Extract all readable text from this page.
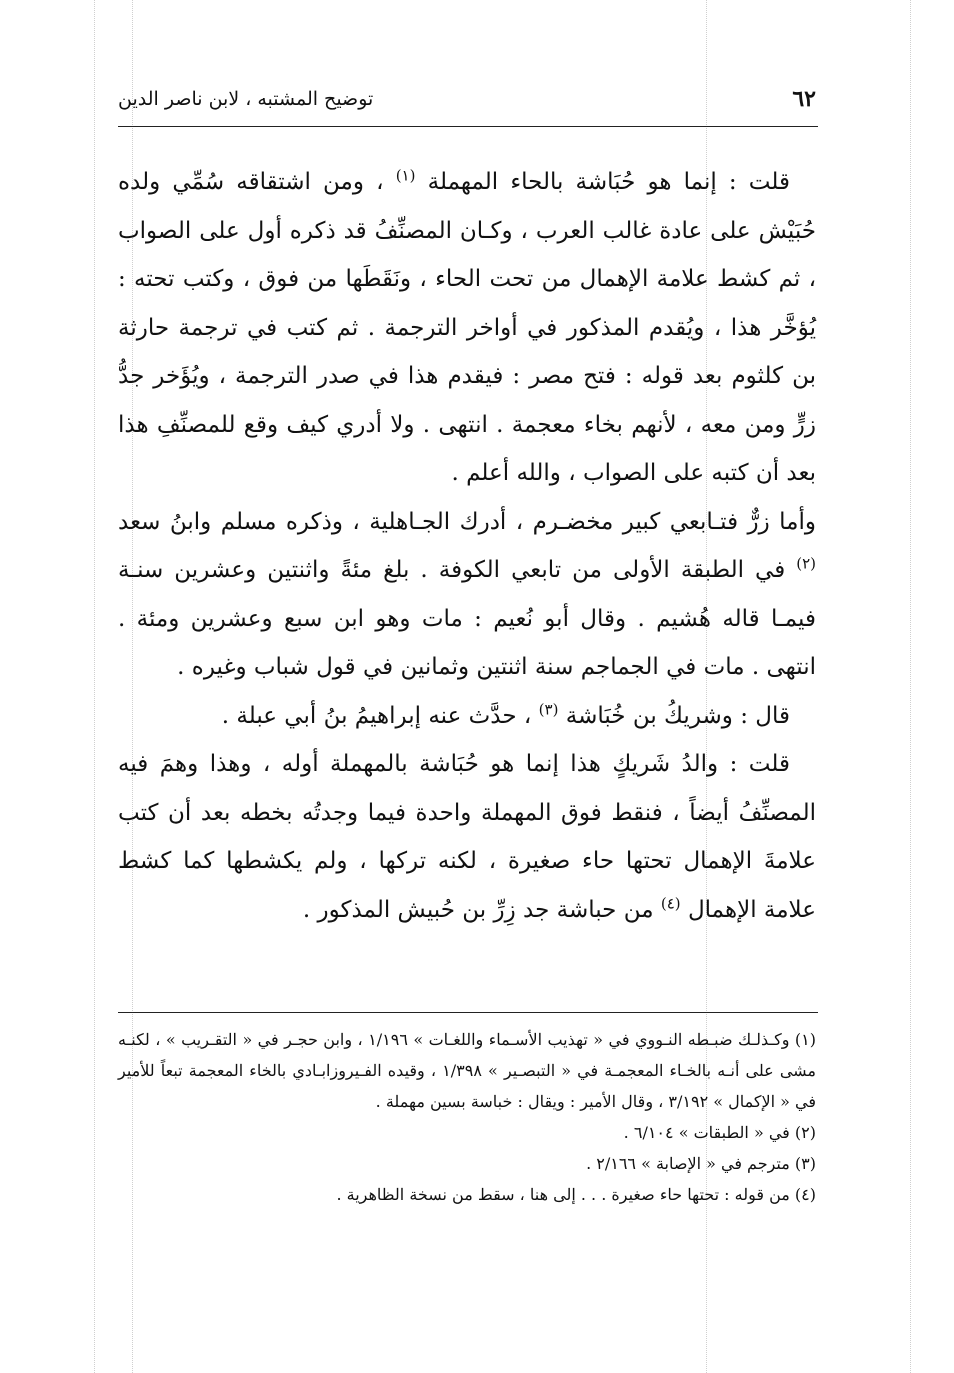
٦٢
توضيح المشتبه ، لابن ناصر الدين

قلت : إنما هو حُبَاشة بالحاء المهملة $^{(١)}$ ، ومن اشتقاقه سُمِّي ولده حُبَيْش على عادة غالب العرب ، وكـان المصنِّفُ قد ذكره أول على الصواب ، ثم كشط علامة الإهمال من تحت الحاء ، ونَقَطَها من فوق ، وكتب تحته : يُؤخَّر هذا ، ويُقدم المذكور في أواخر الترجمة . ثم كتب في ترجمة حارثة بن كلثوم بعد قوله : فتح مصر : فيقدم هذا في صدر الترجمة ، ويُؤَخر جدُّ زرٍّ ومن معه ، لأنهم بخاء معجمة . انتهى . ولا أدري كيف وقع للمصنِّفِ هذا بعد أن كتبه على الصواب ، والله أعلم .

وأما زرٌّ فتـابعي كبير مخضـرم ، أدرك الجـاهلية ، وذكره مسلم وابنُ سعد $^{(٢)}$ في الطبقة الأولى من تابعي الكوفة . بلغ مئةً واثنتين وعشرين سنـة فيمـا قاله هُشيم . وقال أبو نُعيم : مات وهو ابن سبع وعشرين ومئة . انتهى . مات في الجماجم سنة اثنتين وثمانين في قول شباب وغيره .

قال : وشريكُ بن خُبَاشة $^{(٣)}$ ، حدَّث عنه إبراهيمُ بنُ أبي عبلة .

قلت : والدُ شَريكٍ هذا إنما هو حُبَاشة بالمهملة أوله ، وهذا وهمَ فيه المصنِّفُ أيضاً ، فنقط فوق المهملة واحدة فيما وجدتُه بخطه بعد أن كتب علامةَ الإهمال تحتها حاء صغيرة ، لكنه تركها ، ولم يكشطها كما كشط علامة الإهمال $^{(٤)}$ من حباشة جد زِرِّ بن حُبيش المذكور .

(١) وكـذلـك ضبـطه النـووي في « تهذيب الأسـماء واللغـات » ١/١٩٦ ، وابن حجـر في « التقـريب » ، لكنـه مشى على أنـه بالخـاء المعجمـة في « التبصـير » ١/٣٩٨ ، وقيده الفـيروزابـادي بالخاء المعجمة تبعاً للأمير في « الإكمال » ٣/١٩٢ ، وقال الأمير : ويقال : خباسة بسين مهملة .

(٢) في « الطبقات » ٦/١٠٤ .

(٣) مترجم في « الإصابة » ٢/١٦٦ .

(٤) من قوله : تحتها حاء صغيرة . . . إلى هنا ، سقط من نسخة الظاهرية .
